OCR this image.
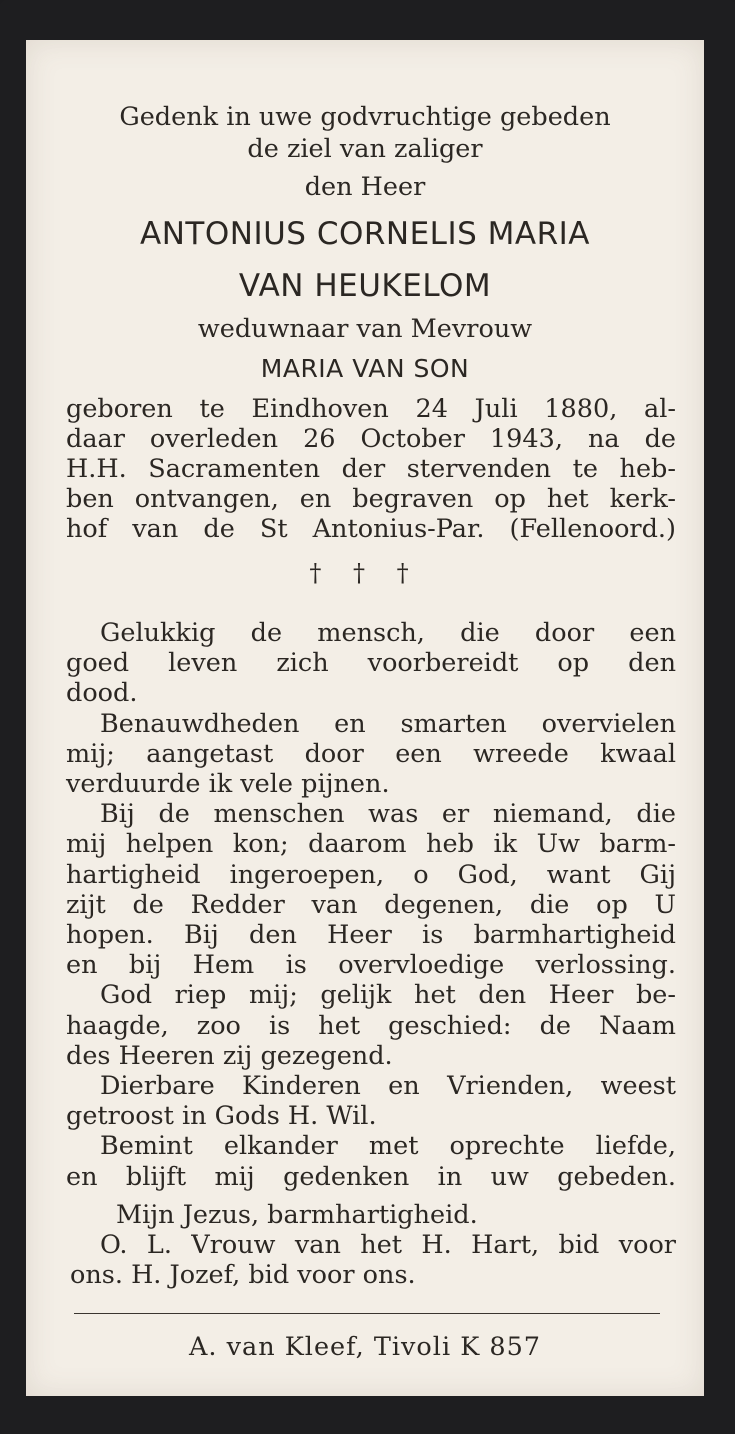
Gedenk in uwe godvruchtige gebeden
de ziel van zaliger
den Heer
ANTONIUS CORNELIS MARIA
VAN HEUKELOM
weduwnaar van Mevrouw
MARIA VAN SON
geboren te Eindhoven 24 Juli 1880, al-
daar overleden 26 October 1943, na de
H.H. Sacramenten der stervenden te heb-
ben ontvangen, en begraven op het kerk-
hof van de St Antonius-Par. (Fellenoord.)
† † †
Gelukkig de mensch, die door een
goed leven zich voorbereidt op den
dood.
Benauwdheden en smarten overvielen
mij; aangetast door een wreede kwaal
verduurde ik vele pijnen.
Bij de menschen was er niemand, die
mij helpen kon; daarom heb ik Uw barm-
hartigheid ingeroepen, o God, want Gij
zijt de Redder van degenen, die op U
hopen. Bij den Heer is barmhartigheid
en bij Hem is overvloedige verlossing.
God riep mij; gelijk het den Heer be-
haagde, zoo is het geschied: de Naam
des Heeren zij gezegend.
Dierbare Kinderen en Vrienden, weest
getroost in Gods H. Wil.
Bemint elkander met oprechte liefde,
en blijft mij gedenken in uw gebeden.
Mijn Jezus, barmhartigheid.
O. L. Vrouw van het H. Hart, bid voor
ons. H. Jozef, bid voor ons.
A. van Kleef, Tivoli K 857
